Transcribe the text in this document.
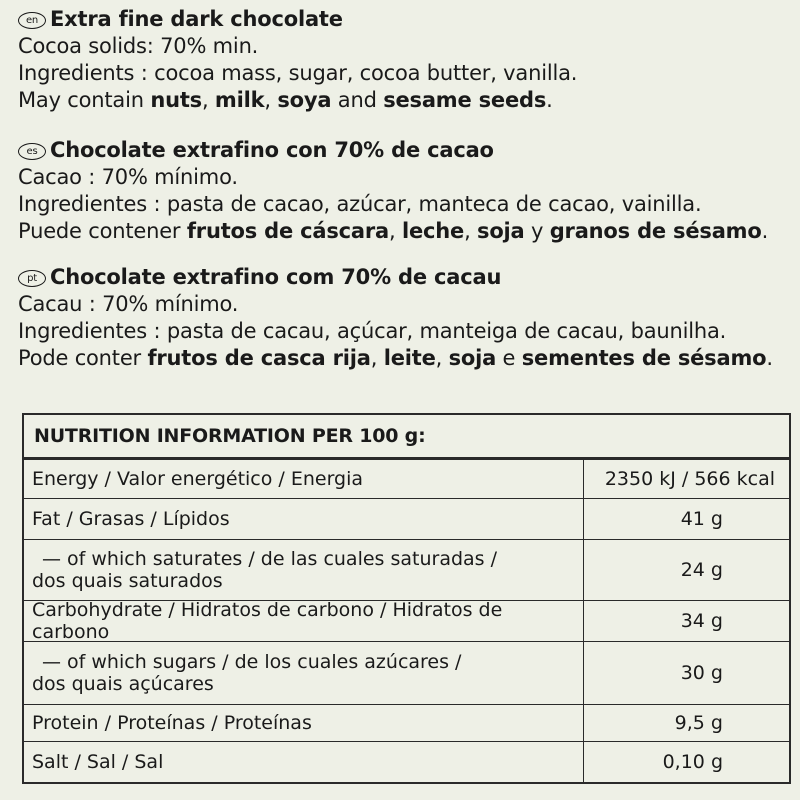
en Extra fine dark chocolate
Cocoa solids: 70% min.
Ingredients : cocoa mass, sugar, cocoa butter, vanilla.
May contain nuts, milk, soya and sesame seeds.
es Chocolate extrafino con 70% de cacao
Cacao : 70% mínimo.
Ingredientes : pasta de cacao, azúcar, manteca de cacao, vainilla.
Puede contener frutos de cáscara, leche, soja y granos de sésamo.
pt Chocolate extrafino com 70% de cacau
Cacau : 70% mínimo.
Ingredientes : pasta de cacau, açúcar, manteiga de cacau, baunilha.
Pode conter frutos de casca rija, leite, soja e sementes de sésamo.
NUTRITION INFORMATION PER 100 g:
Energy / Valor energético / Energia	2350 kJ / 566 kcal
Fat / Grasas / Lípidos	41 g
— of which saturates / de las cuales saturadas /
dos quais saturados	24 g
Carbohydrate / Hidratos de carbono / Hidratos de carbono	34 g
— of which sugars / de los cuales azúcares /
dos quais açúcares	30 g
Protein / Proteínas / Proteínas	9,5 g
Salt / Sal / Sal	0,10 g
